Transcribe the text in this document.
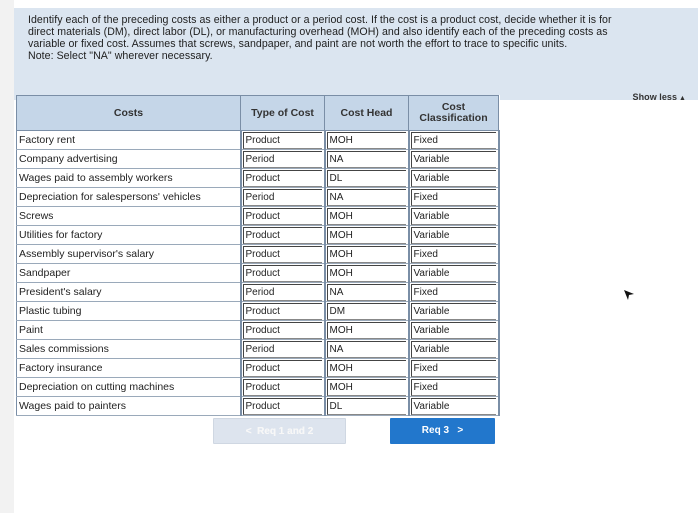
Identify each of the preceding costs as either a product or a period cost. If the cost is a product cost, decide whether it is for
direct materials (DM), direct labor (DL), or manufacturing overhead (MOH) and also identify each of the preceding costs as
variable or fixed cost. Assumes that screws, sandpaper, and paint are not worth the effort to trace to specific units.
Note: Select "NA" wherever necessary.
Show less ▲
Costs	Type of Cost	Cost Head	Cost Classification
Factory rent	Product	MOH	Fixed

Company advertising	Period	NA	Variable

Wages paid to assembly workers	Product	DL	Variable

Depreciation for salespersons' vehicles	Period	NA	Fixed

Screws	Product	MOH	Variable

Utilities for factory	Product	MOH	Variable

Assembly supervisor's salary	Product	MOH	Fixed

Sandpaper	Product	MOH	Variable

President's salary	Period	NA	Fixed

Plastic tubing	Product	DM	Variable

Paint	Product	MOH	Variable

Sales commissions	Period	NA	Variable

Factory insurance	Product	MOH	Fixed

Depreciation on cutting machines	Product	MOH	Fixed

Wages paid to painters	Product	DL	Variable
< Req 1 and 2	Req 3 >
